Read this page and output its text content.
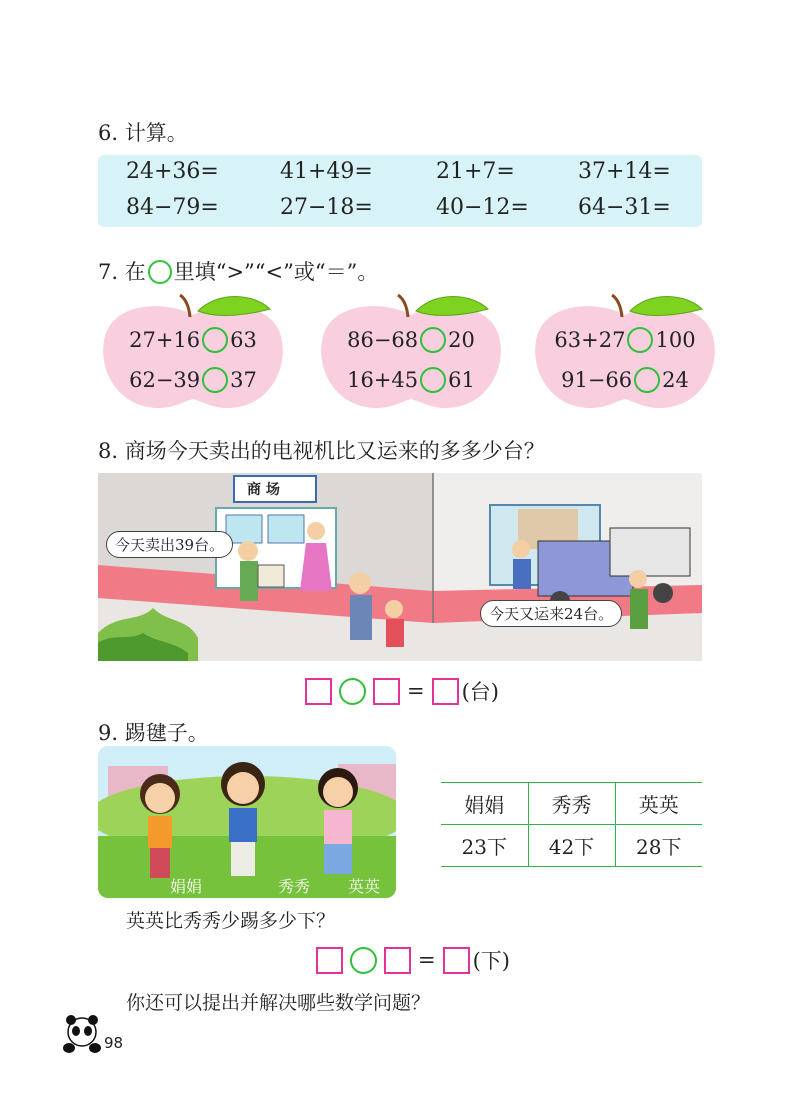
6. 计算。
24+36=	41+49=	21+7=	37+14=
84−79=	27−18=	40−12= 64−31=
7. 在 里填“>”“<”或“＝”。
27+16 63
62−39 37
86−68 20
16+45 61
63+27 100
91−66 24
8. 商场今天卖出的电视机比又运来的多多少台？
商 场
今天卖出39台。
今天又运来24台。
= (台)
9. 踢毽子。
娟娟	秀秀 英英
娟娟	秀秀	英英
23下	42下	28下
英英比秀秀少踢多少下？
= (下)
你还可以提出并解决哪些数学问题？
98
